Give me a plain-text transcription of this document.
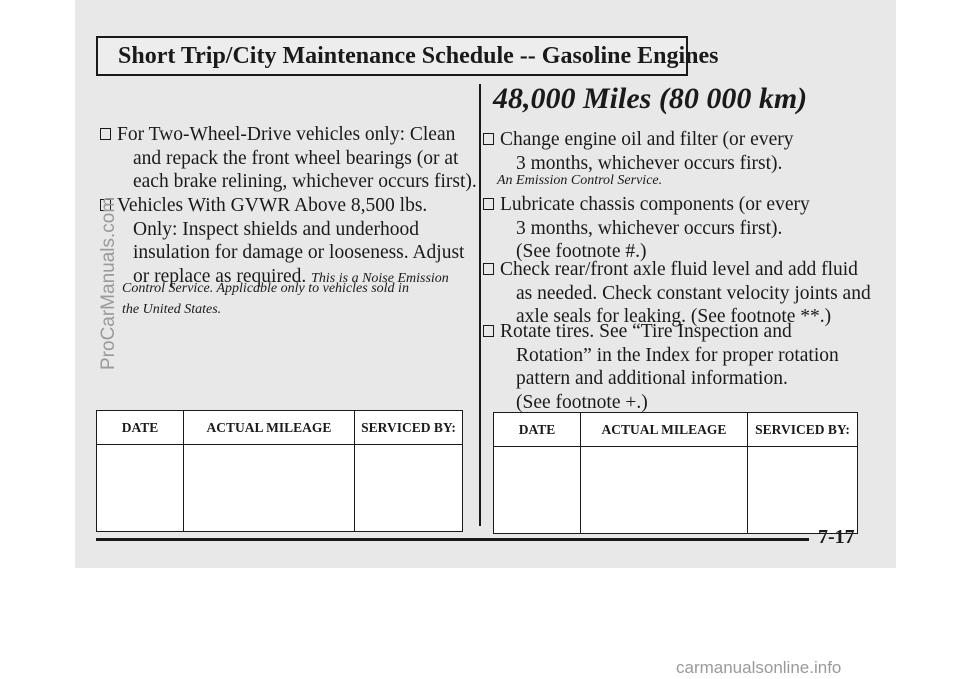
Short Trip/City Maintenance Schedule -- Gasoline Engines
For Two-Wheel-Drive vehicles only: Clean
and repack the front wheel bearings (or at
each brake relining, whichever occurs first).
Vehicles With GVWR Above 8,500 lbs.
Only: Inspect shields and underhood
insulation for damage or looseness. Adjust
or replace as required. This is a Noise Emission
Control Service. Applicable only to vehicles sold in
the United States.
DATE	ACTUAL MILEAGE	SERVICED BY:

48,000 Miles (80 000 km)
Change engine oil and filter (or every
3 months, whichever occurs first).
An Emission Control Service.
Lubricate chassis components (or every
3 months, whichever occurs first).
(See footnote #.)
Check rear/front axle fluid level and add fluid
as needed. Check constant velocity joints and
axle seals for leaking. (See footnote **.)
Rotate tires. See “Tire Inspection and
Rotation” in the Index for proper rotation
pattern and additional information.
(See footnote +.)
DATE	ACTUAL MILEAGE	SERVICED BY:

7-17
ProCarManuals.com
carmanualsonline.info
